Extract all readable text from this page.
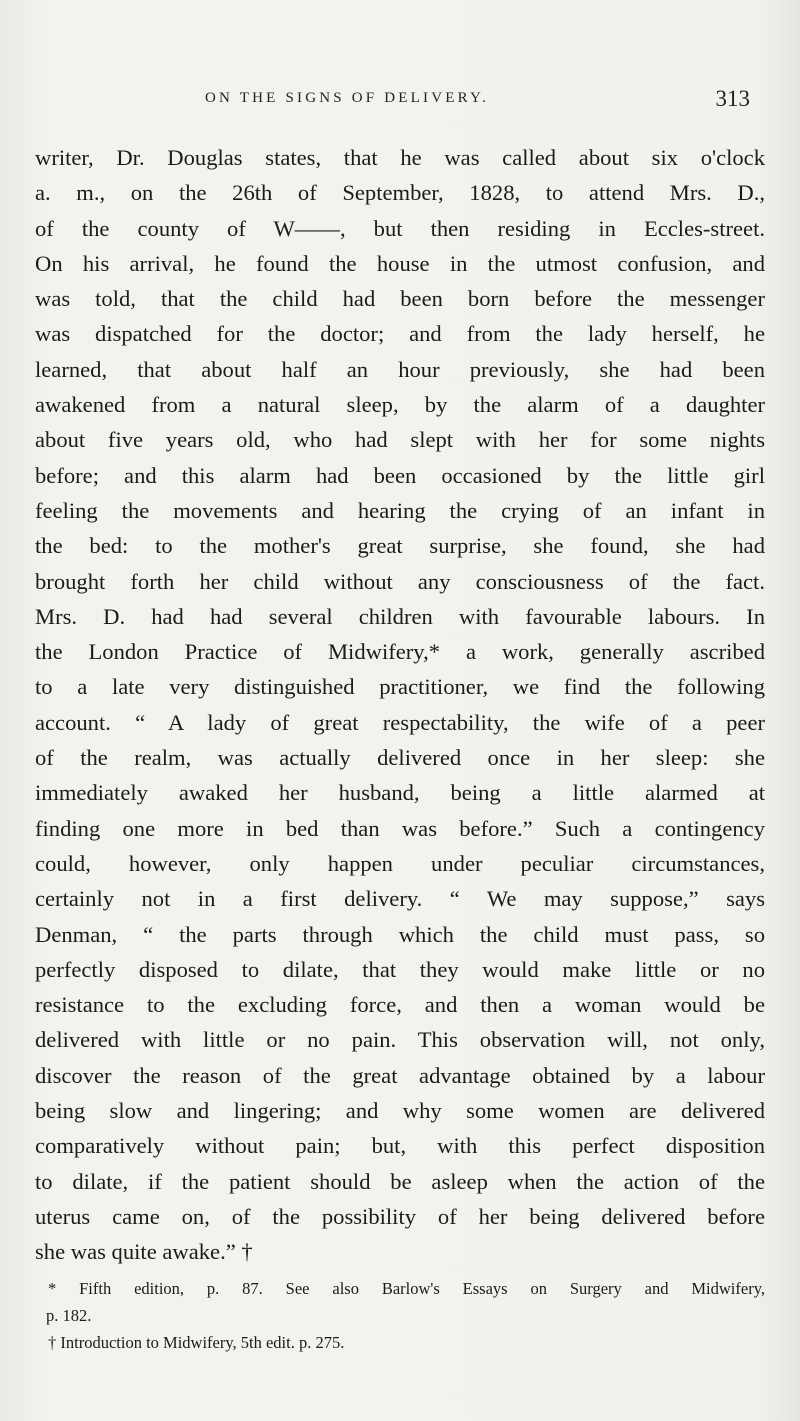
ON THE SIGNS OF DELIVERY.	313
writer, Dr. Douglas states, that he was called about six o'clock
a. m., on the 26th of September, 1828, to attend Mrs. D.,
of the county of W——, but then residing in Eccles-street.
On his arrival, he found the house in the utmost confusion, and
was told, that the child had been born before the messenger
was dispatched for the doctor; and from the lady herself, he
learned, that about half an hour previously, she had been
awakened from a natural sleep, by the alarm of a daughter
about five years old, who had slept with her for some nights
before; and this alarm had been occasioned by the little girl
feeling the movements and hearing the crying of an infant in
the bed: to the mother's great surprise, she found, she had
brought forth her child without any consciousness of the fact.
Mrs. D. had had several children with favourable labours. In
the London Practice of Midwifery,* a work, generally ascribed
to a late very distinguished practitioner, we find the following
account. “ A lady of great respectability, the wife of a peer
of the realm, was actually delivered once in her sleep: she
immediately awaked her husband, being a little alarmed at
finding one more in bed than was before.” Such a contingency
could, however, only happen under peculiar circumstances,
certainly not in a first delivery. “ We may suppose,” says
Denman, “ the parts through which the child must pass, so
perfectly disposed to dilate, that they would make little or no
resistance to the excluding force, and then a woman would be
delivered with little or no pain. This observation will, not only,
discover the reason of the great advantage obtained by a labour
being slow and lingering; and why some women are delivered
comparatively without pain; but, with this perfect disposition
to dilate, if the patient should be asleep when the action of the
uterus came on, of the possibility of her being delivered before
she was quite awake.” †
* Fifth edition, p. 87. See also Barlow's Essays on Surgery and Midwifery,
p. 182.
† Introduction to Midwifery, 5th edit. p. 275.
